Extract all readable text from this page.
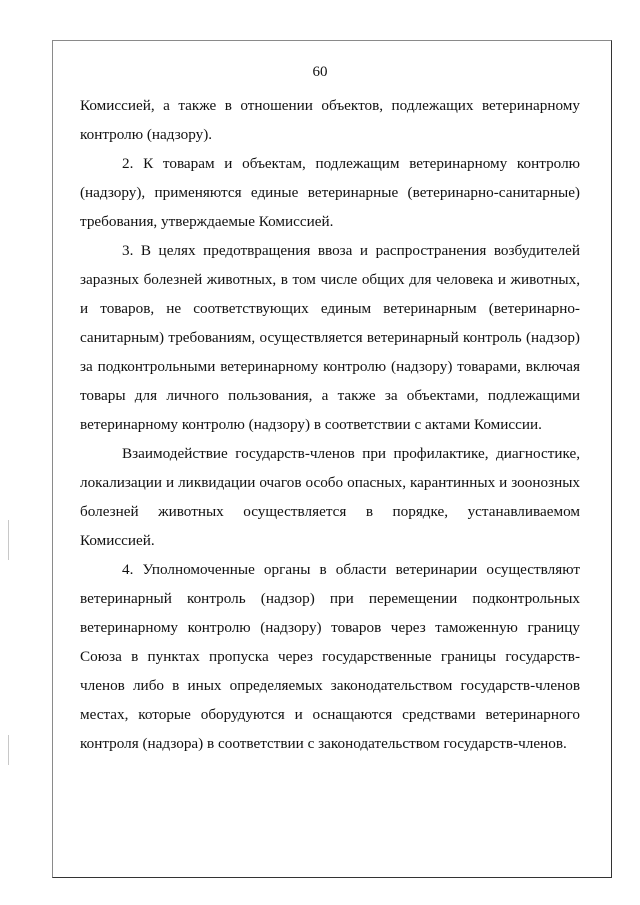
60

Комиссией, а также в отношении объектов, подлежащих ветеринарному контролю (надзору).

2. К товарам и объектам, подлежащим ветеринарному контролю (надзору), применяются единые ветеринарные (ветеринарно-санитарные) требования, утверждаемые Комиссией.

3. В целях предотвращения ввоза и распространения возбудителей заразных болезней животных, в том числе общих для человека и животных, и товаров, не соответствующих единым ветеринарным (ветеринарно-санитарным) требованиям, осуществляется ветеринарный контроль (надзор) за подконтрольными ветеринарному контролю (надзору) товарами, включая товары для личного пользования, а также за объектами, подлежащими ветеринарному контролю (надзору) в соответствии с актами Комиссии.

Взаимодействие государств-членов при профилактике, диагностике, локализации и ликвидации очагов особо опасных, карантинных и зоонозных болезней животных осуществляется в порядке, устанавливаемом Комиссией.

4. Уполномоченные органы в области ветеринарии осуществляют ветеринарный контроль (надзор) при перемещении подконтрольных ветеринарному контролю (надзору) товаров через таможенную границу Союза в пунктах пропуска через государственные границы государств-членов либо в иных определяемых законодательством государств-членов местах, которые оборудуются и оснащаются средствами ветеринарного контроля (надзора) в соответствии с законодательством государств-членов.
